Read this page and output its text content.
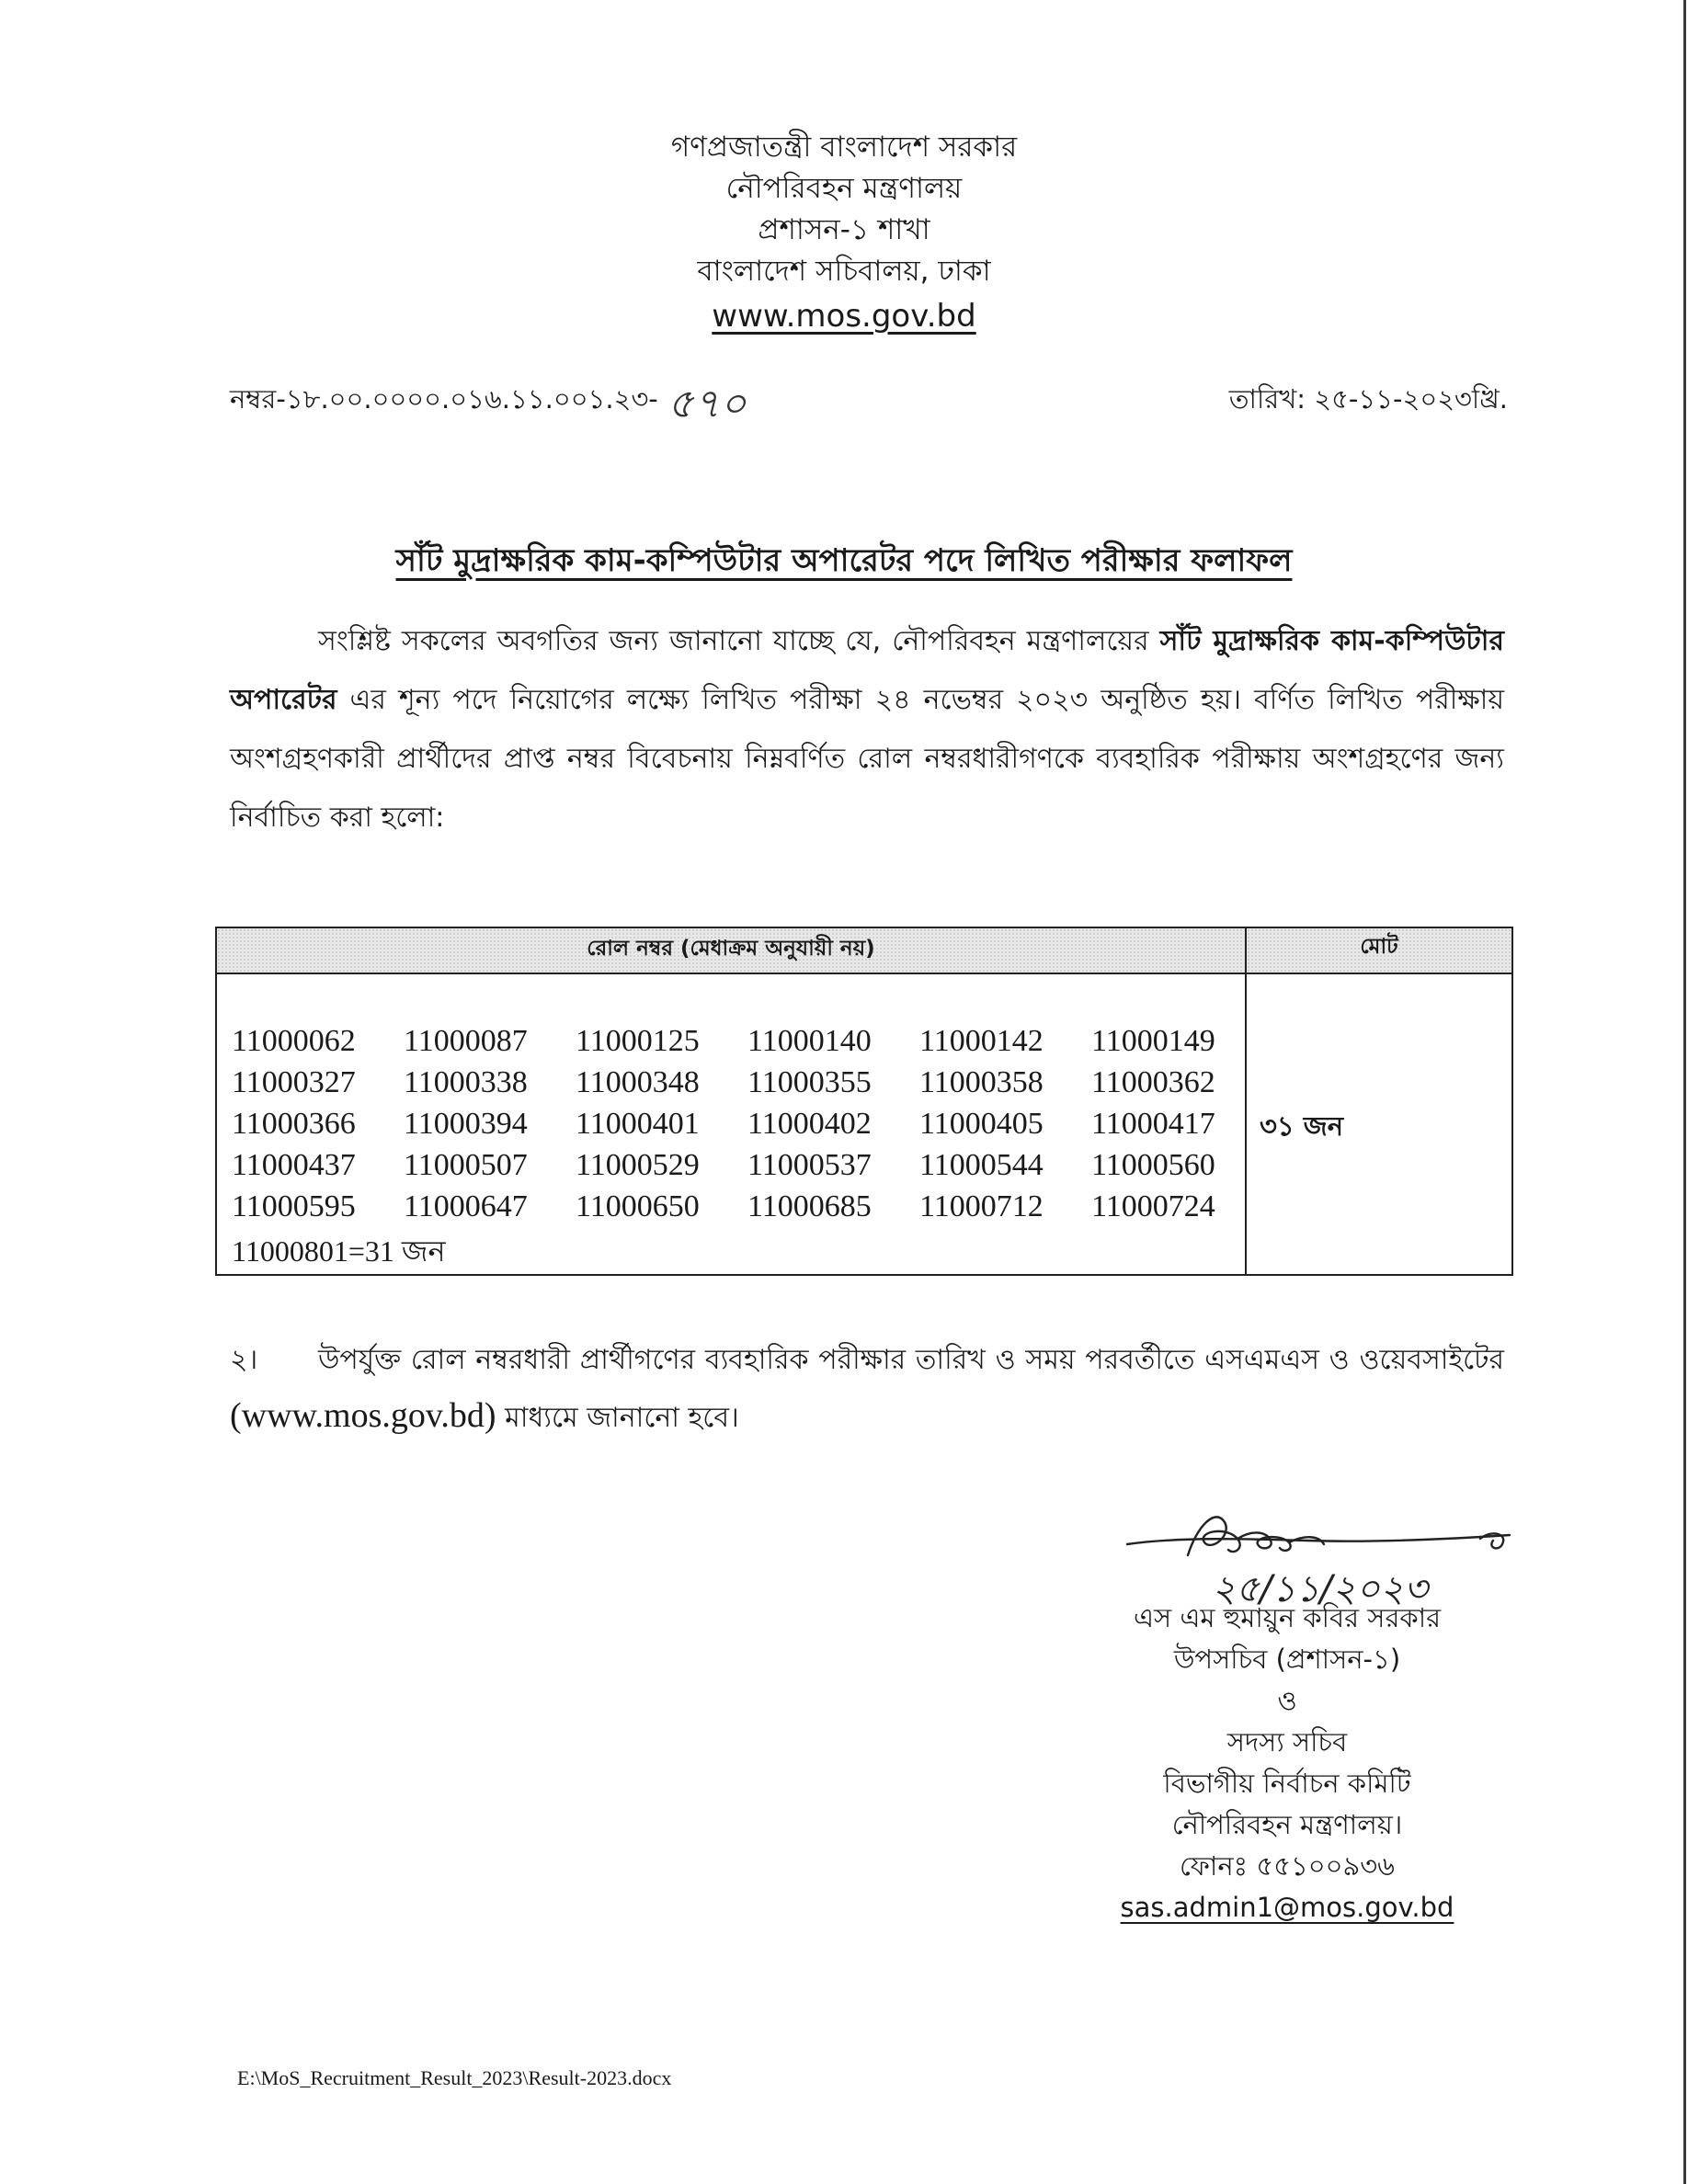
গণপ্রজাতন্ত্রী বাংলাদেশ সরকার
নৌপরিবহন মন্ত্রণালয়
প্রশাসন-১ শাখা
বাংলাদেশ সচিবালয়, ঢাকা
www.mos.gov.bd
নম্বর-১৮.০০.০০০০.০১৬.১১.০০১.২৩- ৫৭০	তারিখ: ২৫-১১-২০২৩খ্রি.
সাঁট মুদ্রাক্ষরিক কাম-কম্পিউটার অপারেটর পদে লিখিত পরীক্ষার ফলাফল
সংশ্লিষ্ট সকলের অবগতির জন্য জানানো যাচ্ছে যে, নৌপরিবহন মন্ত্রণালয়ের সাঁট মুদ্রাক্ষরিক কাম-কম্পিউটার অপারেটর এর শূন্য পদে নিয়োগের লক্ষ্যে লিখিত পরীক্ষা ২৪ নভেম্বর ২০২৩ অনুষ্ঠিত হয়। বর্ণিত লিখিত পরীক্ষায় অংশগ্রহণকারী প্রার্থীদের প্রাপ্ত নম্বর বিবেচনায় নিম্নবর্ণিত রোল নম্বরধারীগণকে ব্যবহারিক পরীক্ষায় অংশগ্রহণের জন্য নির্বাচিত করা হলো:
রোল নম্বর (মেধাক্রম অনুযায়ী নয়)	মোট
11000062	11000087	11000125	11000140	11000142	11000149
11000327	11000338	11000348	11000355	11000358	11000362
11000366	11000394	11000401	11000402	11000405	11000417
11000437	11000507	11000529	11000537	11000544	11000560
11000595	11000647	11000650	11000685	11000712	11000724
11000801=31 জন
৩১ জন
২। উপর্যুক্ত রোল নম্বরধারী প্রার্থীগণের ব্যবহারিক পরীক্ষার তারিখ ও সময় পরবর্তীতে এসএমএস ও ওয়েবসাইটের (www.mos.gov.bd) মাধ্যমে জানানো হবে।
২৫/১১/২০২৩
এস এম হুমায়ুন কবির সরকার
উপসচিব (প্রশাসন-১)
ও
সদস্য সচিব
বিভাগীয় নির্বাচন কমিটি
নৌপরিবহন মন্ত্রণালয়।
ফোনঃ ৫৫১০০৯৩৬
sas.admin1@mos.gov.bd
E:\MoS_Recruitment_Result_2023\Result-2023.docx
